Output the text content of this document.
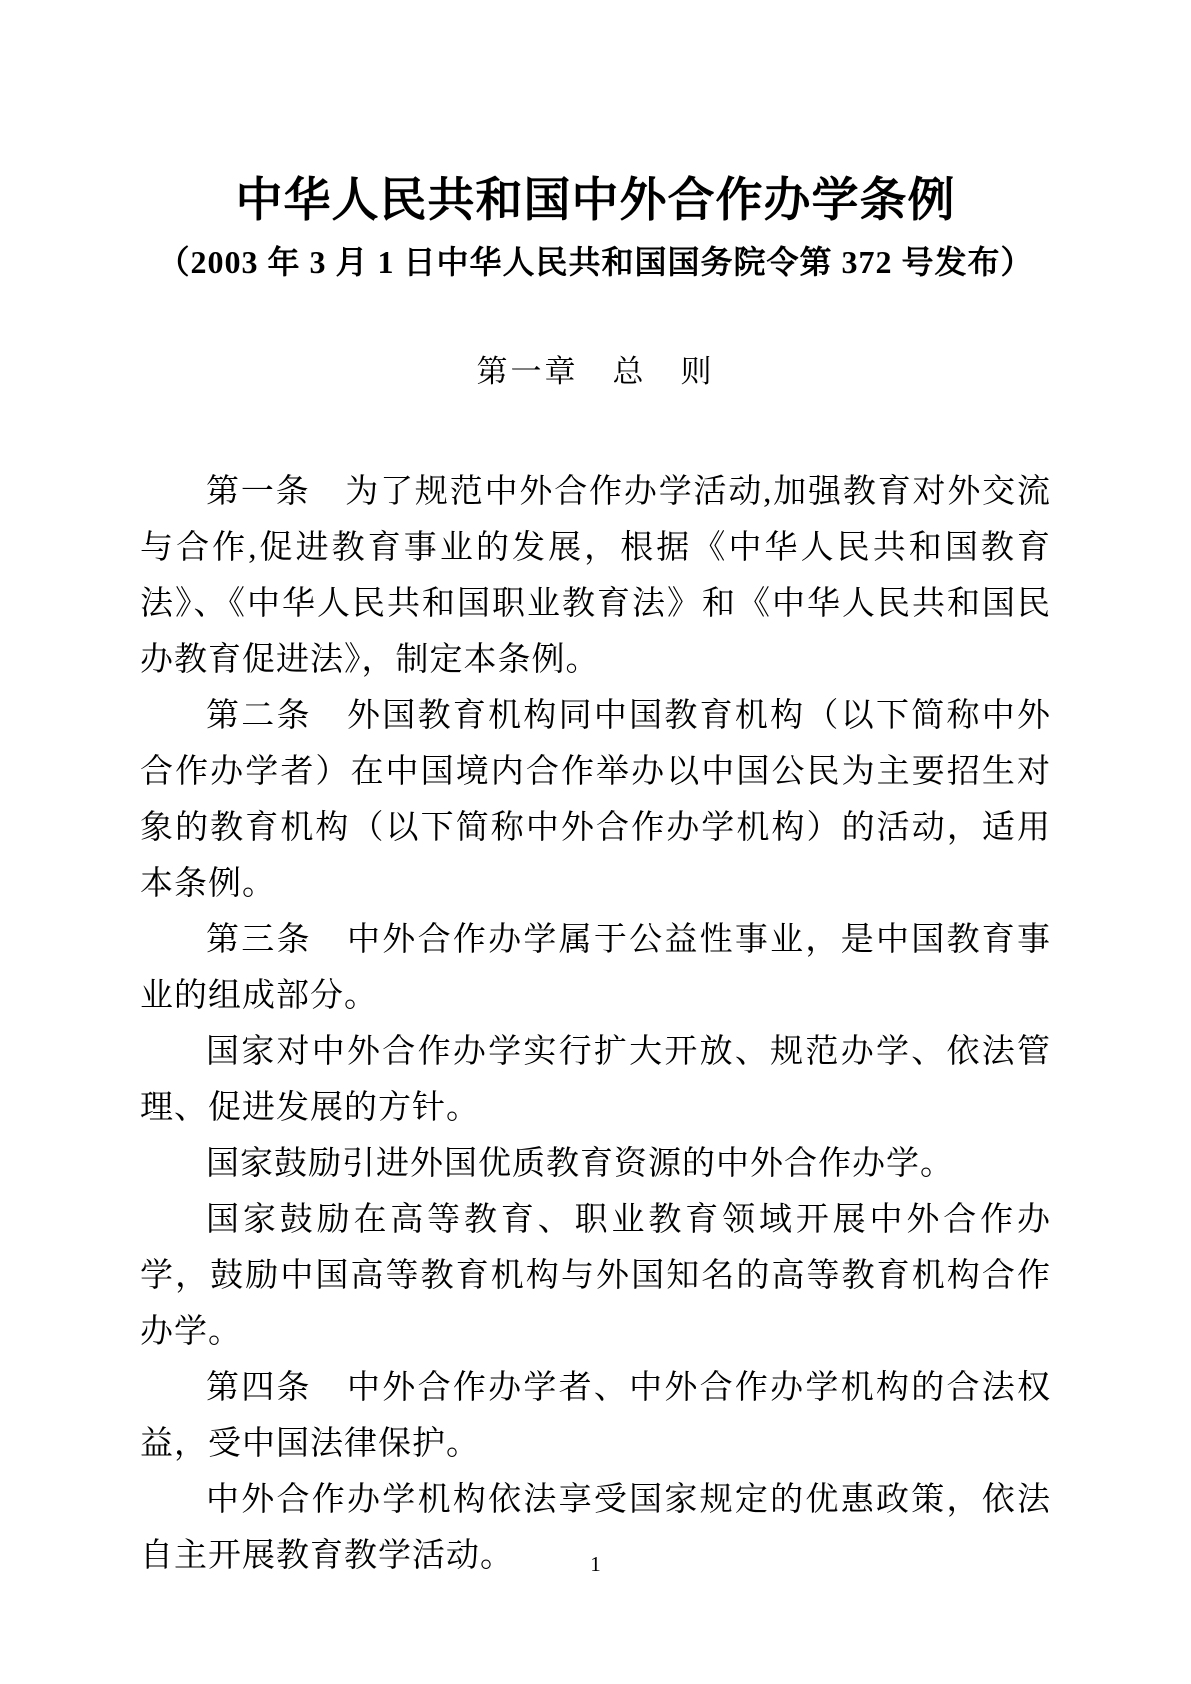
中华人民共和国中外合作办学条例
（2003 年 3 月 1 日中华人民共和国国务院令第 372 号发布）
第一章　总　则

第一条　为了规范中外合作办学活动,加强教育对外交流与合作,促进教育事业的发展，根据《中华人民共和国教育法》、《中华人民共和国职业教育法》和《中华人民共和国民办教育促进法》，制定本条例。

第二条　外国教育机构同中国教育机构（以下简称中外合作办学者）在中国境内合作举办以中国公民为主要招生对象的教育机构（以下简称中外合作办学机构）的活动，适用本条例。

第三条　中外合作办学属于公益性事业，是中国教育事业的组成部分。

国家对中外合作办学实行扩大开放、规范办学、依法管理、促进发展的方针。

国家鼓励引进外国优质教育资源的中外合作办学。

国家鼓励在高等教育、职业教育领域开展中外合作办学，鼓励中国高等教育机构与外国知名的高等教育机构合作办学。

第四条　中外合作办学者、中外合作办学机构的合法权益，受中国法律保护。

中外合作办学机构依法享受国家规定的优惠政策，依法自主开展教育教学活动。	1
